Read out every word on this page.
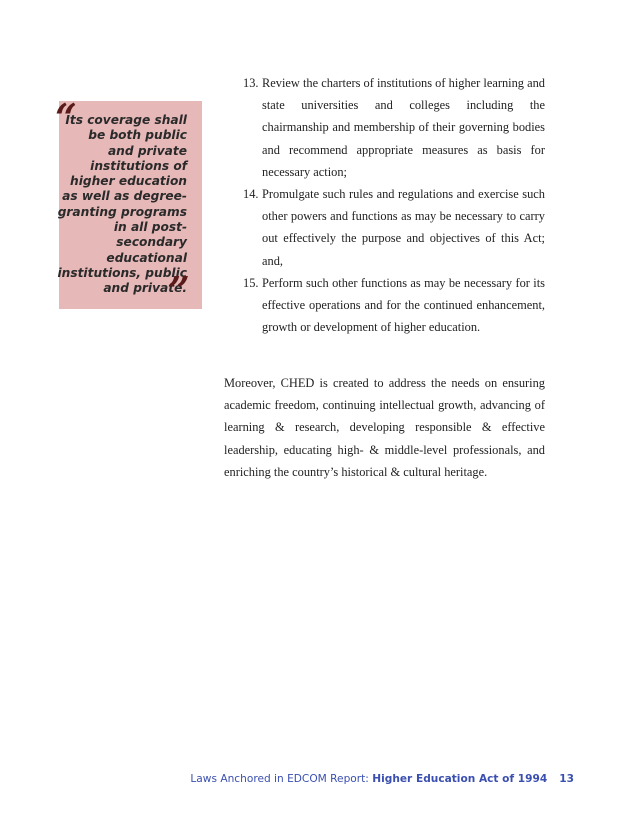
“
Its coverage shall
be both public
and private
institutions of
higher education
as well as degree-
granting programs
in all post-
secondary
educational
institutions, public
and private.
”
13. Review the charters of institutions of higher learning and state universities and colleges including the chairmanship and membership of their governing bodies and recommend appropriate measures as basis for necessary action;
14. Promulgate such rules and regulations and exercise such other powers and functions as may be necessary to carry out effectively the purpose and objectives of this Act; and,
15. Perform such other functions as may be necessary for its effective operations and for the continued enhancement, growth or development of higher education.

Moreover, CHED is created to address the needs on ensuring academic freedom, continuing intellectual growth, advancing of learning & research, developing responsible & effective leadership, educating high- & middle-level professionals, and enriching the country’s historical & cultural heritage.

Laws Anchored in EDCOM Report: Higher Education Act of 1994 13
